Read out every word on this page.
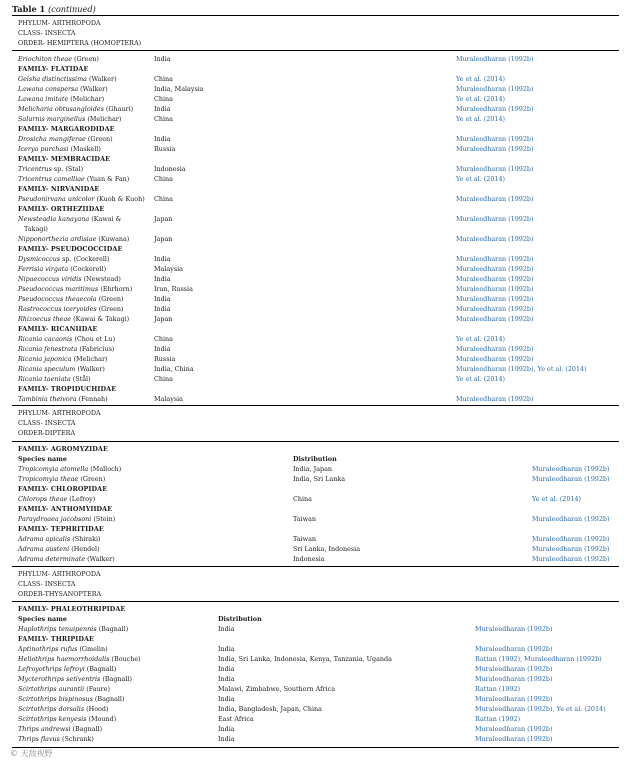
Table 1 (continued)
PHYLUM- ARTHROPODA
CLASS- INSECTA
ORDER- HEMIPTERA (HOMOPTERA)
Eriochiton theae (Green)	India	Muraleedharan (1992b)
FAMILY- FLATIDAE
Geisha distinctissima (Walker)	China	Ye et al. (2014)
Lawana conspersa (Walker)	India, Malaysia	Muraleedharan (1992b)
Lawana imitate (Melichar)	China	Ye et al. (2014)
Melicharia obtusangloides (Ghauri)	India	Muraleedharan (1992b)
Salurnis marginellus (Melichar)	China	Ye et al. (2014)
FAMILY- MARGARODIDAE
Drosicha mangiferae (Green)	India	Muraleedharan (1992b)
Icerya purchasi (Maskell)	Russia	Muraleedharan (1992b)
FAMILY- MEMBRACIDAE
Tricentrus sp. (Stal)	Indonesia	Muraleedharan (1992b)
Tricentrus camelliae (Yuan & Fan)	China	Ye et al. (2014)
FAMILY- NIRVANIDAE
Pseudonirvana unicolor (Kuoh & Kuoh) China	Muraleedharan (1992b)
FAMILY- ORTHEZIIDAE
Newsteadia kanayana (Kawai &	Japan	Muraleedharan (1992b)
Takagi)
Nipponorthezia ardisiae (Kuwana)	Japan	Muraleedharan (1992b)
FAMILY- PSEUDOCOCCIDAE
Dysmicoccus sp. (Cockerell)	India	Muraleedharan (1992b)
Ferrisia virgata (Cockerell)	Malaysia	Muraleedharan (1992b)
Nipaecoccus viridis (Newstead)	India	Muraleedharan (1992b)
Pseudococcus maritimus (Ehrhorn)	Iran, Russia	Muraleedharan (1992b)
Pseudococcus theaecola (Green)	India	Muraleedharan (1992b)
Rastrococcus iceryoides (Green)	India	Muraleedharan (1992b)
Rhizoecus theae (Kawai & Takagi)	Japan	Muraleedharan (1992b)
FAMILY- RICANIIDAE
Ricania cacaonis (Chou et Lu)	China	Ye et al. (2014)
Ricania fenestrata (Fabricius)	India	Muraleedharan (1992b)
Ricania japonica (Melichar)	Russia	Muraleedharan (1992b)
Ricania speculum (Walker)	India, China	Muraleedharan (1992b), Ye et al. (2014)
Ricania taeniata (Stål)	China	Ye et al. (2014)
FAMILY- TROPIDUCHIDAE
Tambinia theivora (Fennah)	Malaysia	Muraleedharan (1992b)
PHYLUM- ARTHROPODA
CLASS- INSECTA
ORDER-DIPTERA
FAMILY- AGROMYZIDAE
Species name	Distribution
Tropicomyia atomella (Malloch)	India, Japan	Muraleedharan (1992b)
Tropicomyia theae (Green)	India, Sri Lanka	Muraleedharan (1992b)
FAMILY- CHLOROPIDAE
Chlorops theae (Lefroy)	China	Ye et al. (2014)
FAMILY- ANTHOMYIIDAE
Paraydroaea jacobsoni (Stein)	Taiwan	Muraleedharan (1992b)
FAMILY- TEPHRITIDAE
Adrama apicalis (Shiraki)	Taiwan	Muraleedharan (1992b)
Adrama austeni (Hendel)	Sri Lanka, Indonesia	Muraleedharan (1992b)
Adrama determinate (Walker)	Indonesia	Muraleedharan (1992b)
PHYLUM- ARTHROPODA
CLASS- INSECTA
ORDER-THYSANOPTERA
FAMILY- PHALEOTHRIPIDAE
Species name	Distribution
Haplothrips tenuipennis (Bagnall)	India	Muraleedharan (1992b)
FAMILY- THRIPIDAE
Aptinothrips rufus (Gmelin)	India	Muraleedharan (1992b)
Heliothrips haemorrhoidalis (Bouche)	India, Sri Lanka, Indonesia, Kenya, Tanzania, Uganda	Rattan (1992), Muraleedharan (1992b)
Lefroyothrips lefroyi (Bagnall)	India	Muraleedharan (1992b)
Mycterothrips setiventris (Bagnall)	India	Muraleedharan (1992b)
Scirtothrips aurantii (Faure)	Malawi, Zimbabwe, Southern Africa	Rattan (1992)
Scirtothrips bispinosus (Bagnall)	India	Muraleedharan (1992b)
Scirtothrips dorsalis (Hood)	India, Bangladesh, Japan, China	Muraleedharan (1992b), Ye et al. (2014)
Scirtothrips kenyesis (Mound)	East Africa	Rattan (1992)
Thrips andrewsi (Bagnall)	India	Muraleedharan (1992b)
Thrips flavus (Schrank)	India	Muraleedharan (1992b)
© 天敌视野
